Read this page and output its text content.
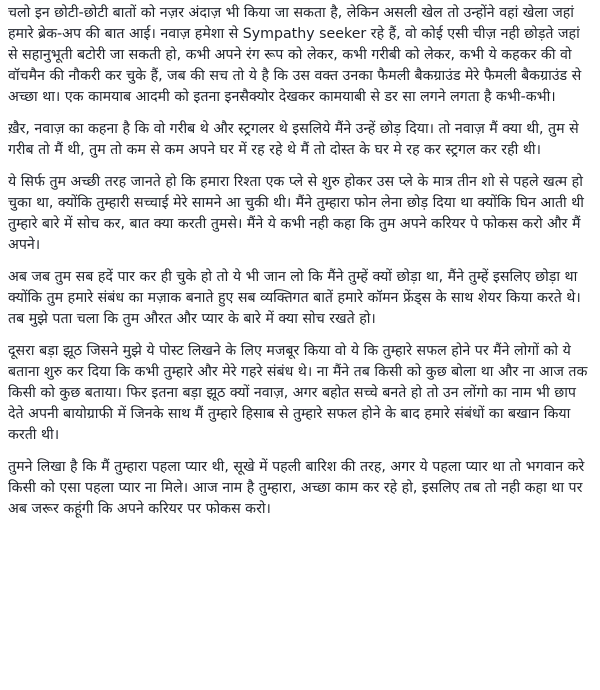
चलो इन छोटी-छोटी बातों को नज़र अंदाज़ भी किया जा सकता है, लेकिन असली खेल तो उन्होंने वहां खेला जहां हमारे ब्रेक-अप की बात आई। नवाज़ हमेशा से Sympathy seeker रहे हैं, वो कोई एसी चीज़ नही छोड़ते जहां से सहानुभूती बटोरी जा सकती हो, कभी अपने रंग रूप को लेकर, कभी गरीबी को लेकर, कभी ये कहकर की वो वॉचमैन की नौकरी कर चुके हैं, जब की सच तो ये है कि उस वक्त उनका फैमली बैकग्राउंड मेरे फैमली बैकग्राउंड से अच्छा था। एक कामयाब आदमी को इतना इनसैक्योर देखकर कामयाबी से डर सा लगने लगता है कभी-कभी।

ख़ैर, नवाज़ का कहना है कि वो गरीब थे और स्ट्रगलर थे इसलिये मैंने उन्हें छोड़ दिया। तो नवाज़ मैं क्या थी, तुम से गरीब तो मैं थी, तुम तो कम से कम अपने घर में रह रहे थे मैं तो दोस्त के घर मे रह कर स्ट्रगल कर रही थी।

ये सिर्फ तुम अच्छी तरह जानते हो कि हमारा रिश्ता एक प्ले से शुरु होकर उस प्ले के मात्र तीन शो से पहले खत्म हो चुका था, क्योंकि तुम्हारी सच्चाई मेरे सामने आ चुकी थी। मैंने तुम्हारा फोन लेना छोड़ दिया था क्योंकि घिन आती थी तुम्हारे बारे में सोच कर, बात क्या करती तुमसे। मैंने ये कभी नही कहा कि तुम अपने करियर पे फोकस करो और मैं अपने।

अब जब तुम सब हदें पार कर ही चुके हो तो ये भी जान लो कि मैंने तुम्हें क्यों छोड़ा था, मैंने तुम्हें इसलिए छोड़ा था क्योंकि तुम हमारे संबंध का मज़ाक बनाते हुए सब व्यक्तिगत बातें हमारे कॉमन फ्रेंड्स के साथ शेयर किया करते थे। तब मुझे पता चला कि तुम औरत और प्यार के बारे में क्या सोच रखते हो।

दूसरा बड़ा झूठ जिसने मुझे ये पोस्ट लिखने के लिए मजबूर किया वो ये कि तुम्हारे सफल होने पर मैंने लोगों को ये बताना शुरु कर दिया कि कभी तुम्हारे और मेरे गहरे संबंध थे। ना मैंने तब किसी को कुछ बोला था और ना आज तक किसी को कुछ बताया। फिर इतना बड़ा झूठ क्यों नवाज़, अगर बहोत सच्चे बनते हो तो उन लोंगो का नाम भी छाप देते अपनी बायोग्राफी में जिनके साथ मैं तुम्हारे हिसाब से तुम्हारे सफल होने के बाद हमारे संबंधों का बखान किया करती थी।

तुमने लिखा है कि मैं तुम्हारा पहला प्यार थी, सूखे में पहली बारिश की तरह, अगर ये पहला प्यार था तो भगवान करे किसी को एसा पहला प्यार ना मिले। आज नाम है तुम्हारा, अच्छा काम कर रहे हो, इसलिए तब तो नही कहा था पर अब जरूर कहूंगी कि अपने करियर पर फोकस करो।
